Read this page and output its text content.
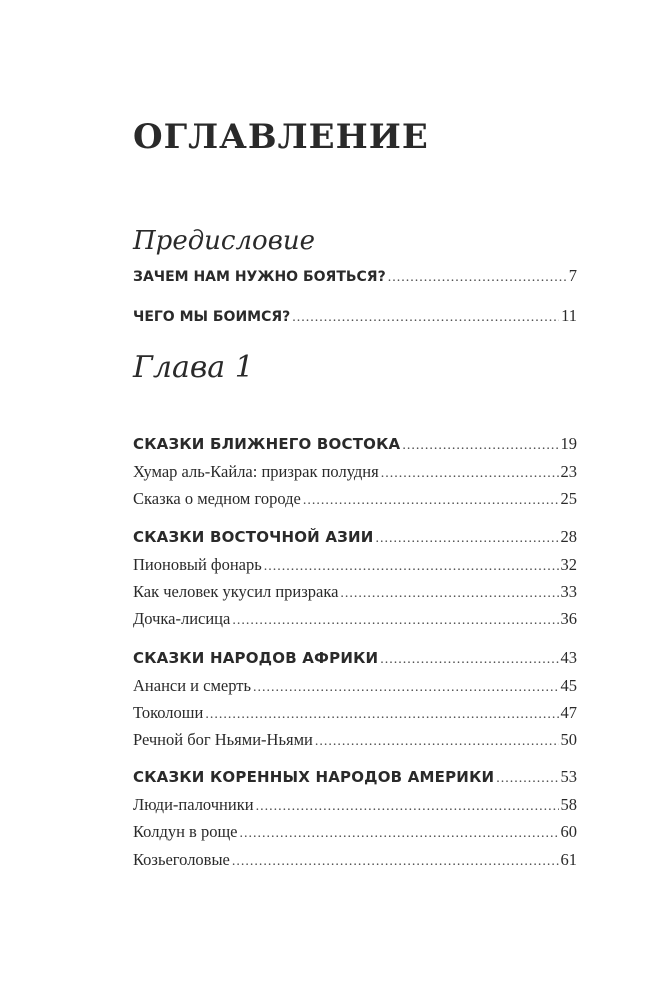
ОГЛАВЛЕНИЕ
Предисловие
ЗАЧЕМ НАМ НУЖНО БОЯТЬСЯ? .....	7
ЧЕГО МЫ БОИМСЯ? .....	11
Глава 1
СКАЗКИ БЛИЖНЕГО ВОСТОКА .....	19
Хумар аль-Кайла: призрак полудня .....	23
Сказка о медном городе .....	25
СКАЗКИ ВОСТОЧНОЙ АЗИИ .....	28
Пионовый фонарь .....	32
Как человек укусил призрака .....	33
Дочка-лисица .....	36
СКАЗКИ НАРОДОВ АФРИКИ .....	43
Ананси и смерть .....	45
Токолоши .....	47
Речной бог Ньями-Ньями .....	50
СКАЗКИ КОРЕННЫХ НАРОДОВ АМЕРИКИ .....	53
Люди-палочники .....	58
Колдун в роще .....	60
Козьеголовые .....	61
